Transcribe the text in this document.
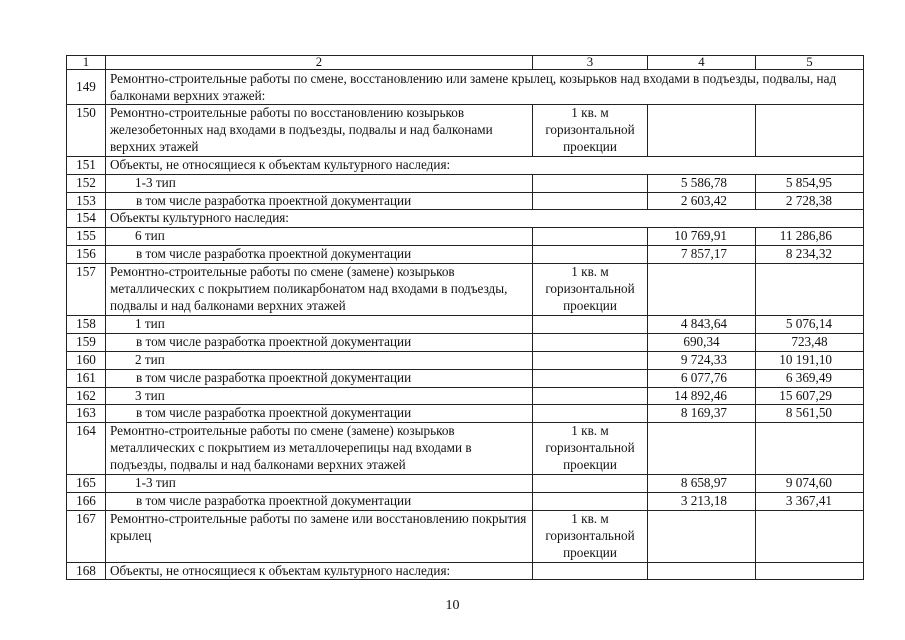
1	2	3	4	5
149	Ремонтно-строительные работы по смене, восстановлению или замене крылец, козырьков над входами в подъезды, подвалы, над балконами верхних этажей:			
150	Ремонтно-строительные работы по восстановлению козырьков железобетонных над входами в подъезды, подвалы и над балконами верхних этажей	1 кв. м горизонтальной проекции		
151	Объекты, не относящиеся к объектам культурного наследия:			
152	1-3 тип		5 586,78	5 854,95
153	в том числе разработка проектной документации		2 603,42	2 728,38
154	Объекты культурного наследия:			
155	6 тип		10 769,91	11 286,86
156	в том числе разработка проектной документации		7 857,17	8 234,32
157	Ремонтно-строительные работы по смене (замене) козырьков металлических с покрытием поликарбонатом над входами в подъезды, подвалы и над балконами верхних этажей	1 кв. м горизонтальной проекции		
158	1 тип		4 843,64	5 076,14
159	в том числе разработка проектной документации		690,34	723,48
160	2 тип		9 724,33	10 191,10
161	в том числе разработка проектной документации		6 077,76	6 369,49
162	3 тип		14 892,46	15 607,29
163	в том числе разработка проектной документации		8 169,37	8 561,50
164	Ремонтно-строительные работы по смене (замене) козырьков металлических с покрытием из металлочерепицы над входами в подъезды, подвалы и над балконами верхних этажей	1 кв. м горизонтальной проекции		
165	1-3 тип		8 658,97	9 074,60
166	в том числе разработка проектной документации		3 213,18	3 367,41
167	Ремонтно-строительные работы по замене или восстановлению покрытия крылец	1 кв. м горизонтальной проекции		
168	Объекты, не относящиеся к объектам культурного наследия:			
10
